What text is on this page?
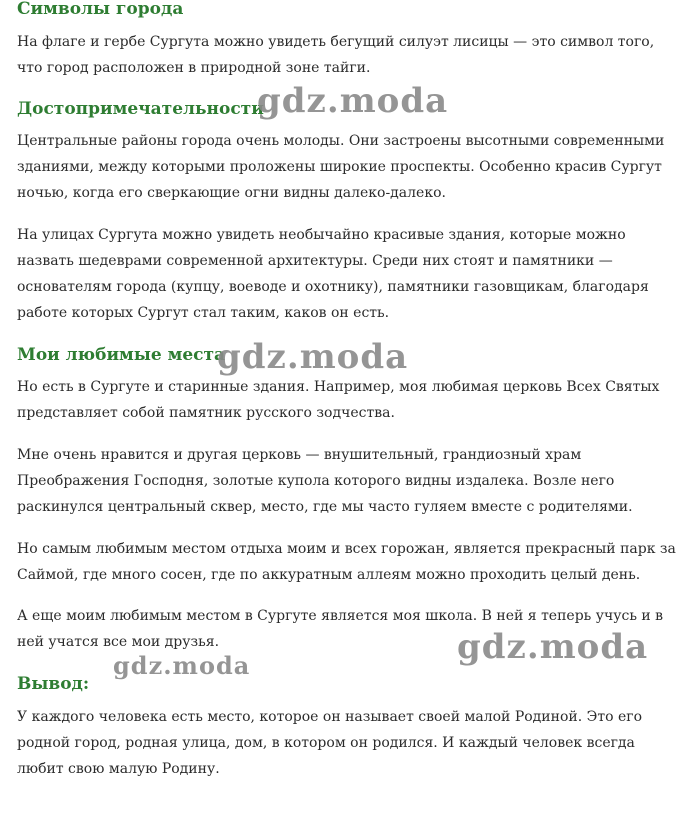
Символы города

На флаге и гербе Сургута можно увидеть бегущий силуэт лисицы — это символ того, что город расположен в природной зоне тайги.

Достопримечательности

Центральные районы города очень молоды. Они застроены высотными современными зданиями, между которыми проложены широкие проспекты. Особенно красив Сургут ночью, когда его сверкающие огни видны далеко-далеко.

На улицах Сургута можно увидеть необычайно красивые здания, которые можно назвать шедеврами современной архитектуры. Среди них стоят и памятники — основателям города (купцу, воеводе и охотнику), памятники газовщикам, благодаря работе которых Сургут стал таким, каков он есть.

Мои любимые места

Но есть в Сургуте и старинные здания. Например, моя любимая церковь Всех Святых представляет собой памятник русского зодчества.

Мне очень нравится и другая церковь — внушительный, грандиозный храм Преображения Господня, золотые купола которого видны издалека. Возле него раскинулся центральный сквер, место, где мы часто гуляем вместе с родителями.

Но самым любимым местом отдыха моим и всех горожан, является прекрасный парк за Саймой, где много сосен, где по аккуратным аллеям можно проходить целый день.

А еще моим любимым местом в Сургуте является моя школа. В ней я теперь учусь и в ней учатся все мои друзья.

Вывод:

У каждого человека есть место, которое он называет своей малой Родиной. Это его родной город, родная улица, дом, в котором он родился. И каждый человек всегда любит свою малую Родину.

gdz.moda
gdz.moda
gdz.moda
gdz.moda
